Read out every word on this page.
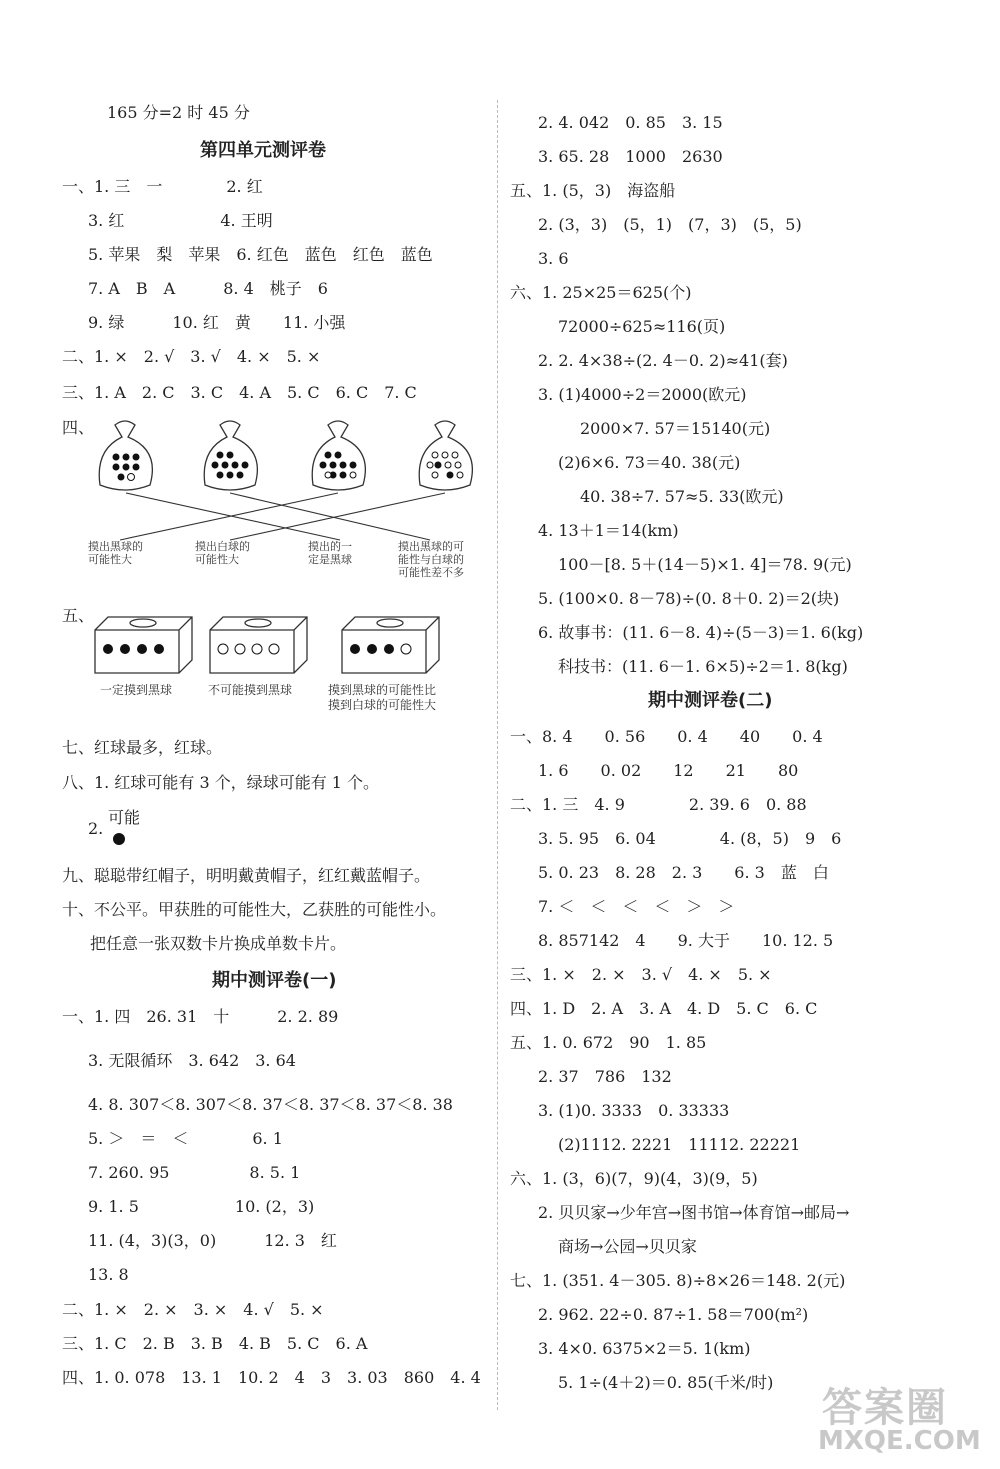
165 分=2 时 45 分
第四单元测评卷
一、1. 三　一　　　　2. 红
3. 红　　　　　　4. 王明
5. 苹果　梨　苹果　6. 红色　蓝色　红色　蓝色
7. A　B　A　　　8. 4　桃子　6
9. 绿　　　10. 红　黄　　11. 小强
二、1. ×　2. √　3. √　4. ×　5. ×
三、1. A　2. C　3. C　4. A　5. C　6. C　7. C
四、
摸出黑球的
可能性大
摸出白球的
可能性大
摸出的一
定是黑球
摸出黑球的可
能性与白球的
可能性差不多
五、
一定摸到黑球	不可能摸到黑球	摸到黑球的可能性比
摸到白球的可能性大
七、红球最多，红球。
八、1. 红球可能有 3 个，绿球可能有 1 个。
2.
可能
九、聪聪带红帽子，明明戴黄帽子，红红戴蓝帽子。
十、不公平。甲获胜的可能性大，乙获胜的可能性小。
　把任意一张双数卡片换成单数卡片。
期中测评卷(一)
一、1. 四　26. 31　十　　　2. 2. 89
3. 无限循环　3. 642　3. 64
4. 8. 307＜8. 307＜8. 37＜8. 37＜8. 37＜8. 38
5. ＞　＝　＜　　　　6. 1
7. 260. 95　　　　　8. 5. 1
9. 1. 5　　　　　　10. (2，3)
11. (4，3)(3，0)　　　12. 3　红
13. 8
二、1. ×　2. ×　3. ×　4. √　5. ×
三、1. C　2. B　3. B　4. B　5. C　6. A
四、1. 0. 078　13. 1　10. 2　4　3　3. 03　860　4. 4
2. 4. 042　0. 85　3. 15
3. 65. 28　1000　2630
五、1. (5，3)　海盗船
2. (3，3)　(5，1)　(7，3)　(5，5)
3. 6
六、1. 25×25＝625(个)
72000÷625≈116(页)
2. 2. 4×38÷(2. 4－0. 2)≈41(套)
3. (1)4000÷2＝2000(欧元)
2000×7. 57＝15140(元)
(2)6×6. 73＝40. 38(元)
40. 38÷7. 57≈5. 33(欧元)
4. 13＋1＝14(km)
100－[8. 5＋(14－5)×1. 4]＝78. 9(元)
5. (100×0. 8－78)÷(0. 8＋0. 2)＝2(块)
6. 故事书：(11. 6－8. 4)÷(5－3)＝1. 6(kg)
科技书：(11. 6－1. 6×5)÷2＝1. 8(kg)
期中测评卷(二)
一、8. 4　　0. 56　　0. 4　　40　　0. 4
1. 6　　0. 02　　12　　21　　80
二、1. 三　4. 9　　　　2. 39. 6　0. 88
3. 5. 95　6. 04　　　　4. (8，5)　9　6
5. 0. 23　8. 28　2. 3　　6. 3　蓝　白
7. ＜　＜　＜　＜　＞　＞
8. 857142　4　　9. 大于　　10. 12. 5
三、1. ×　2. ×　3. √　4. ×　5. ×
四、1. D　2. A　3. A　4. D　5. C　6. C
五、1. 0. 672　90　1. 85
2. 37　786　132
3. (1)0. 3333　0. 33333
(2)1112. 2221　11112. 22221
六、1. (3，6)(7，9)(4，3)(9，5)
2. 贝贝家→少年宫→图书馆→体育馆→邮局→
商场→公园→贝贝家
七、1. (351. 4－305. 8)÷8×26＝148. 2(元)
2. 962. 22÷0. 87÷1. 58＝700(m²)
3. 4×0. 6375×2＝5. 1(km)
5. 1÷(4＋2)＝0. 85(千米/时)
答案圈
MXQE.COM
